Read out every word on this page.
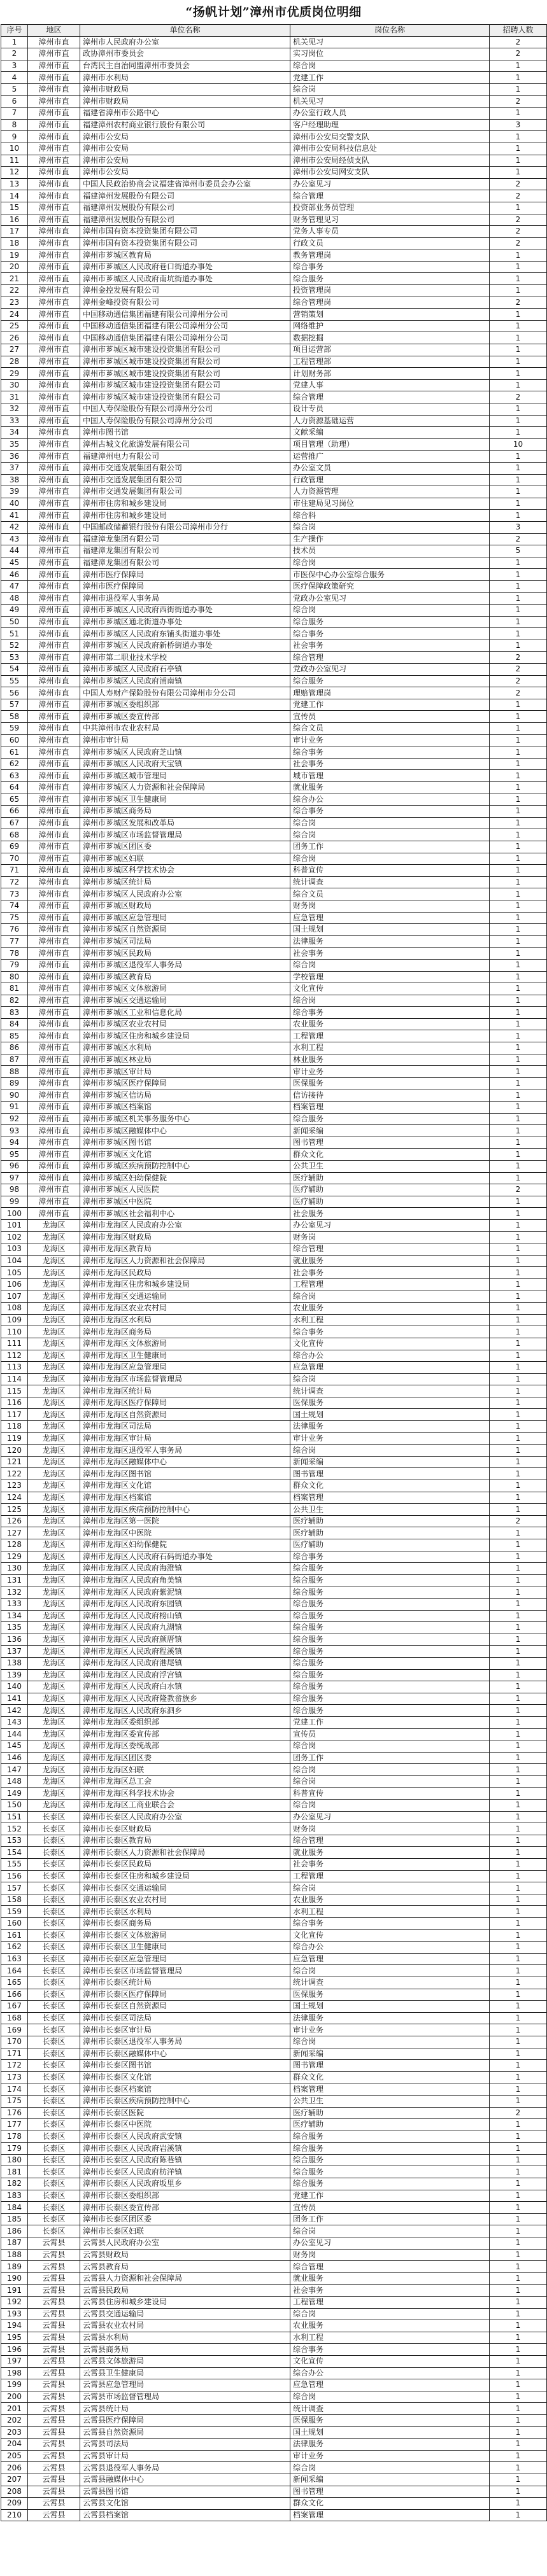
“扬帆计划”漳州市优质岗位明细
序号	地区	单位名称	岗位名称	招聘人数
1	漳州市直	漳州市人民政府办公室	机关见习	2
2	漳州市直	政协漳州市委员会	实习岗位	2
3	漳州市直	台湾民主自治同盟漳州市委员会	综合岗	1
4	漳州市直	漳州市水利局	党建工作	1
5	漳州市直	漳州市财政局	综合岗	1
6	漳州市直	漳州市财政局	机关见习	2
7	漳州市直	福建省漳州市公路中心	办公室行政人员	1
8	漳州市直	福建漳州农村商业银行股份有限公司	客户经理助理	3
9	漳州市直	漳州市公安局	漳州市公安局交警支队	1
10	漳州市直	漳州市公安局	漳州市公安局科技信息处	1
11	漳州市直	漳州市公安局	漳州市公安局经侦支队	1
12	漳州市直	漳州市公安局	漳州市公安局网安支队	1
13	漳州市直	中国人民政治协商会议福建省漳州市委员会办公室	办公室见习	2
14	漳州市直	福建漳州发展股份有限公司	综合管理	2
15	漳州市直	福建漳州发展股份有限公司	投资部业务员管理	1
16	漳州市直	福建漳州发展股份有限公司	财务管理见习	2
17	漳州市直	漳州市国有资本投资集团有限公司	党务人事专员	2
18	漳州市直	漳州市国有资本投资集团有限公司	行政文员	2
19	漳州市直	漳州市芗城区教育局	教务管理岗	1
20	漳州市直	漳州市芗城区人民政府巷口街道办事处	综合事务	1
21	漳州市直	漳州市芗城区人民政府南坑街道办事处	综合服务	1
22	漳州市直	漳州金控发展有限公司	投资管理岗	1
23	漳州市直	漳州金峰投资有限公司	综合管理岗	2
24	漳州市直	中国移动通信集团福建有限公司漳州分公司	营销策划	1
25	漳州市直	中国移动通信集团福建有限公司漳州分公司	网络维护	1
26	漳州市直	中国移动通信集团福建有限公司漳州分公司	数据挖掘	1
27	漳州市直	漳州市芗城区城市建设投资集团有限公司	项目运营部	1
28	漳州市直	漳州市芗城区城市建设投资集团有限公司	工程管理部	1
29	漳州市直	漳州市芗城区城市建设投资集团有限公司	计划财务部	1
30	漳州市直	漳州市芗城区城市建设投资集团有限公司	党建人事	1
31	漳州市直	漳州市芗城区城市建设投资集团有限公司	综合管理	2
32	漳州市直	中国人寿保险股份有限公司漳州分公司	设计专员	1
33	漳州市直	中国人寿保险股份有限公司漳州分公司	人力资源基础运营	1
34	漳州市直	漳州市图书馆	文献采编	1
35	漳州市直	漳州古城文化旅游发展有限公司	项目管理（助理）	10
36	漳州市直	福建漳州电力有限公司	运营推广	1
37	漳州市直	漳州市交通发展集团有限公司	办公室文员	1
38	漳州市直	漳州市交通发展集团有限公司	行政管理	1
39	漳州市直	漳州市交通发展集团有限公司	人力资源管理	1
40	漳州市直	漳州市住房和城乡建设局	市住建局见习岗位	1
41	漳州市直	漳州市住房和城乡建设局	综合科	1
42	漳州市直	中国邮政储蓄银行股份有限公司漳州市分行	综合岗	3
43	漳州市直	福建漳龙集团有限公司	生产操作	2
44	漳州市直	福建漳龙集团有限公司	技术员	5
45	漳州市直	福建漳龙集团有限公司	综合岗	1
46	漳州市直	漳州市医疗保障局	市医保中心办公室综合服务	1
47	漳州市直	漳州市医疗保障局	医疗保障政策研究	1
48	漳州市直	漳州市退役军人事务局	党政办公室见习	1
49	漳州市直	漳州市芗城区人民政府西街街道办事处	综合岗	1
50	漳州市直	漳州市芗城区通北街道办事处	综合服务	1
51	漳州市直	漳州市芗城区人民政府东铺头街道办事处	综合事务	1
52	漳州市直	漳州市芗城区人民政府新桥街道办事处	社会事务	1
53	漳州市直	漳州市第二职业技术学校	综合管理	2
54	漳州市直	漳州市芗城区人民政府石亭镇	党政办公室见习	2
55	漳州市直	漳州市芗城区人民政府浦南镇	综合服务	2
56	漳州市直	中国人寿财产保险股份有限公司漳州市分公司	理赔管理岗	2
57	漳州市直	漳州市芗城区委组织部	党建工作	1
58	漳州市直	漳州市芗城区委宣传部	宣传员	1
59	漳州市直	中共漳州市农业农村局	综合文员	1
60	漳州市直	漳州市审计局	审计业务	1
61	漳州市直	漳州市芗城区人民政府芝山镇	综合事务	1
62	漳州市直	漳州市芗城区人民政府天宝镇	社会事务	1
63	漳州市直	漳州市芗城区城市管理局	城市管理	1
64	漳州市直	漳州市芗城区人力资源和社会保障局	就业服务	1
65	漳州市直	漳州市芗城区卫生健康局	综合办公	1
66	漳州市直	漳州市芗城区商务局	综合事务	1
67	漳州市直	漳州市芗城区发展和改革局	综合岗	1
68	漳州市直	漳州市芗城区市场监督管理局	综合岗	1
69	漳州市直	漳州市芗城区团区委	团务工作	1
70	漳州市直	漳州市芗城区妇联	综合岗	1
71	漳州市直	漳州市芗城区科学技术协会	科普宣传	1
72	漳州市直	漳州市芗城区统计局	统计调查	1
73	漳州市直	漳州市芗城区人民政府办公室	综合文员	1
74	漳州市直	漳州市芗城区财政局	财务岗	1
75	漳州市直	漳州市芗城区应急管理局	应急管理	1
76	漳州市直	漳州市芗城区自然资源局	国土规划	1
77	漳州市直	漳州市芗城区司法局	法律服务	1
78	漳州市直	漳州市芗城区民政局	社会事务	1
79	漳州市直	漳州市芗城区退役军人事务局	综合岗	1
80	漳州市直	漳州市芗城区教育局	学校管理	1
81	漳州市直	漳州市芗城区文体旅游局	文化宣传	1
82	漳州市直	漳州市芗城区交通运输局	综合岗	1
83	漳州市直	漳州市芗城区工业和信息化局	综合事务	1
84	漳州市直	漳州市芗城区农业农村局	农业服务	1
85	漳州市直	漳州市芗城区住房和城乡建设局	工程管理	1
86	漳州市直	漳州市芗城区水利局	水利工程	1
87	漳州市直	漳州市芗城区林业局	林业服务	1
88	漳州市直	漳州市芗城区审计局	审计业务	1
89	漳州市直	漳州市芗城区医疗保障局	医保服务	1
90	漳州市直	漳州市芗城区信访局	信访接待	1
91	漳州市直	漳州市芗城区档案馆	档案管理	1
92	漳州市直	漳州市芗城区机关事务服务中心	综合服务	1
93	漳州市直	漳州市芗城区融媒体中心	新闻采编	1
94	漳州市直	漳州市芗城区图书馆	图书管理	1
95	漳州市直	漳州市芗城区文化馆	群众文化	1
96	漳州市直	漳州市芗城区疾病预防控制中心	公共卫生	1
97	漳州市直	漳州市芗城区妇幼保健院	医疗辅助	1
98	漳州市直	漳州市芗城区人民医院	医疗辅助	2
99	漳州市直	漳州市芗城区中医院	医疗辅助	1
100	漳州市直	漳州市芗城区社会福利中心	社会服务	1
101	龙海区	漳州市龙海区人民政府办公室	办公室见习	1
102	龙海区	漳州市龙海区财政局	财务岗	1
103	龙海区	漳州市龙海区教育局	综合管理	1
104	龙海区	漳州市龙海区人力资源和社会保障局	就业服务	1
105	龙海区	漳州市龙海区民政局	社会事务	1
106	龙海区	漳州市龙海区住房和城乡建设局	工程管理	1
107	龙海区	漳州市龙海区交通运输局	综合岗	1
108	龙海区	漳州市龙海区农业农村局	农业服务	1
109	龙海区	漳州市龙海区水利局	水利工程	1
110	龙海区	漳州市龙海区商务局	综合事务	1
111	龙海区	漳州市龙海区文体旅游局	文化宣传	1
112	龙海区	漳州市龙海区卫生健康局	综合办公	1
113	龙海区	漳州市龙海区应急管理局	应急管理	1
114	龙海区	漳州市龙海区市场监督管理局	综合岗	1
115	龙海区	漳州市龙海区统计局	统计调查	1
116	龙海区	漳州市龙海区医疗保障局	医保服务	1
117	龙海区	漳州市龙海区自然资源局	国土规划	1
118	龙海区	漳州市龙海区司法局	法律服务	1
119	龙海区	漳州市龙海区审计局	审计业务	1
120	龙海区	漳州市龙海区退役军人事务局	综合岗	1
121	龙海区	漳州市龙海区融媒体中心	新闻采编	1
122	龙海区	漳州市龙海区图书馆	图书管理	1
123	龙海区	漳州市龙海区文化馆	群众文化	1
124	龙海区	漳州市龙海区档案馆	档案管理	1
125	龙海区	漳州市龙海区疾病预防控制中心	公共卫生	1
126	龙海区	漳州市龙海区第一医院	医疗辅助	2
127	龙海区	漳州市龙海区中医院	医疗辅助	1
128	龙海区	漳州市龙海区妇幼保健院	医疗辅助	1
129	龙海区	漳州市龙海区人民政府石码街道办事处	综合事务	1
130	龙海区	漳州市龙海区人民政府海澄镇	综合服务	1
131	龙海区	漳州市龙海区人民政府角美镇	综合服务	1
132	龙海区	漳州市龙海区人民政府紫泥镇	综合服务	1
133	龙海区	漳州市龙海区人民政府东园镇	综合服务	1
134	龙海区	漳州市龙海区人民政府榜山镇	综合服务	1
135	龙海区	漳州市龙海区人民政府九湖镇	综合服务	1
136	龙海区	漳州市龙海区人民政府颜厝镇	综合服务	1
137	龙海区	漳州市龙海区人民政府程溪镇	综合服务	1
138	龙海区	漳州市龙海区人民政府港尾镇	综合服务	1
139	龙海区	漳州市龙海区人民政府浮宫镇	综合服务	1
140	龙海区	漳州市龙海区人民政府白水镇	综合服务	1
141	龙海区	漳州市龙海区人民政府隆教畲族乡	综合服务	1
142	龙海区	漳州市龙海区人民政府东泗乡	综合服务	1
143	龙海区	漳州市龙海区委组织部	党建工作	1
144	龙海区	漳州市龙海区委宣传部	宣传员	1
145	龙海区	漳州市龙海区委统战部	综合岗	1
146	龙海区	漳州市龙海区团区委	团务工作	1
147	龙海区	漳州市龙海区妇联	综合岗	1
148	龙海区	漳州市龙海区总工会	综合岗	1
149	龙海区	漳州市龙海区科学技术协会	科普宣传	1
150	龙海区	漳州市龙海区工商业联合会	综合岗	1
151	长泰区	漳州市长泰区人民政府办公室	办公室见习	1
152	长泰区	漳州市长泰区财政局	财务岗	1
153	长泰区	漳州市长泰区教育局	综合管理	1
154	长泰区	漳州市长泰区人力资源和社会保障局	就业服务	1
155	长泰区	漳州市长泰区民政局	社会事务	1
156	长泰区	漳州市长泰区住房和城乡建设局	工程管理	1
157	长泰区	漳州市长泰区交通运输局	综合岗	1
158	长泰区	漳州市长泰区农业农村局	农业服务	1
159	长泰区	漳州市长泰区水利局	水利工程	1
160	长泰区	漳州市长泰区商务局	综合事务	1
161	长泰区	漳州市长泰区文体旅游局	文化宣传	1
162	长泰区	漳州市长泰区卫生健康局	综合办公	1
163	长泰区	漳州市长泰区应急管理局	应急管理	1
164	长泰区	漳州市长泰区市场监督管理局	综合岗	1
165	长泰区	漳州市长泰区统计局	统计调查	1
166	长泰区	漳州市长泰区医疗保障局	医保服务	1
167	长泰区	漳州市长泰区自然资源局	国土规划	1
168	长泰区	漳州市长泰区司法局	法律服务	1
169	长泰区	漳州市长泰区审计局	审计业务	1
170	长泰区	漳州市长泰区退役军人事务局	综合岗	1
171	长泰区	漳州市长泰区融媒体中心	新闻采编	1
172	长泰区	漳州市长泰区图书馆	图书管理	1
173	长泰区	漳州市长泰区文化馆	群众文化	1
174	长泰区	漳州市长泰区档案馆	档案管理	1
175	长泰区	漳州市长泰区疾病预防控制中心	公共卫生	1
176	长泰区	漳州市长泰区医院	医疗辅助	2
177	长泰区	漳州市长泰区中医院	医疗辅助	1
178	长泰区	漳州市长泰区人民政府武安镇	综合服务	1
179	长泰区	漳州市长泰区人民政府岩溪镇	综合服务	1
180	长泰区	漳州市长泰区人民政府陈巷镇	综合服务	1
181	长泰区	漳州市长泰区人民政府枋洋镇	综合服务	1
182	长泰区	漳州市长泰区人民政府坂里乡	综合服务	1
183	长泰区	漳州市长泰区委组织部	党建工作	1
184	长泰区	漳州市长泰区委宣传部	宣传员	1
185	长泰区	漳州市长泰区团区委	团务工作	1
186	长泰区	漳州市长泰区妇联	综合岗	1
187	云霄县	云霄县人民政府办公室	办公室见习	1
188	云霄县	云霄县财政局	财务岗	1
189	云霄县	云霄县教育局	综合管理	1
190	云霄县	云霄县人力资源和社会保障局	就业服务	1
191	云霄县	云霄县民政局	社会事务	1
192	云霄县	云霄县住房和城乡建设局	工程管理	1
193	云霄县	云霄县交通运输局	综合岗	1
194	云霄县	云霄县农业农村局	农业服务	1
195	云霄县	云霄县水利局	水利工程	1
196	云霄县	云霄县商务局	综合事务	1
197	云霄县	云霄县文体旅游局	文化宣传	1
198	云霄县	云霄县卫生健康局	综合办公	1
199	云霄县	云霄县应急管理局	应急管理	1
200	云霄县	云霄县市场监督管理局	综合岗	1
201	云霄县	云霄县统计局	统计调查	1
202	云霄县	云霄县医疗保障局	医保服务	1
203	云霄县	云霄县自然资源局	国土规划	1
204	云霄县	云霄县司法局	法律服务	1
205	云霄县	云霄县审计局	审计业务	1
206	云霄县	云霄县退役军人事务局	综合岗	1
207	云霄县	云霄县融媒体中心	新闻采编	1
208	云霄县	云霄县图书馆	图书管理	1
209	云霄县	云霄县文化馆	群众文化	1
210	云霄县	云霄县档案馆	档案管理	1
